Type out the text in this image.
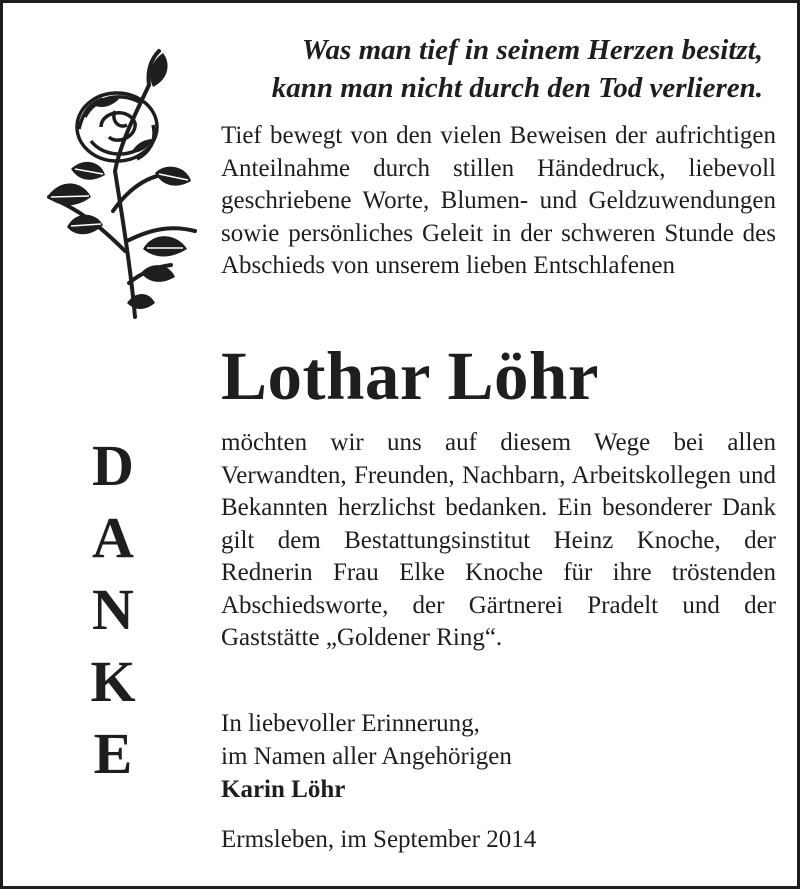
Was man tief in seinem Herzen besitzt,
kann man nicht durch den Tod verlieren.
Tief bewegt von den vielen Beweisen der aufrichtigen Anteilnahme durch stillen Händedruck, liebevoll geschriebene Worte, Blumen- und Geldzuwendungen sowie persönliches Geleit in der schweren Stunde des Abschieds von unserem lieben Entschlafenen
Lothar Löhr
D
A
N
K
E
möchten wir uns auf diesem Wege bei allen Verwandten, Freunden, Nachbarn, Arbeitskollegen und Bekannten herzlichst bedanken. Ein besonderer Dank gilt dem Bestattungsinstitut Heinz Knoche, der Rednerin Frau Elke Knoche für ihre tröstenden Abschiedsworte, der Gärtnerei Pradelt und der Gaststätte „Goldener Ring“.
In liebevoller Erinnerung,
im Namen aller Angehörigen
Karin Löhr
Ermsleben, im September 2014
